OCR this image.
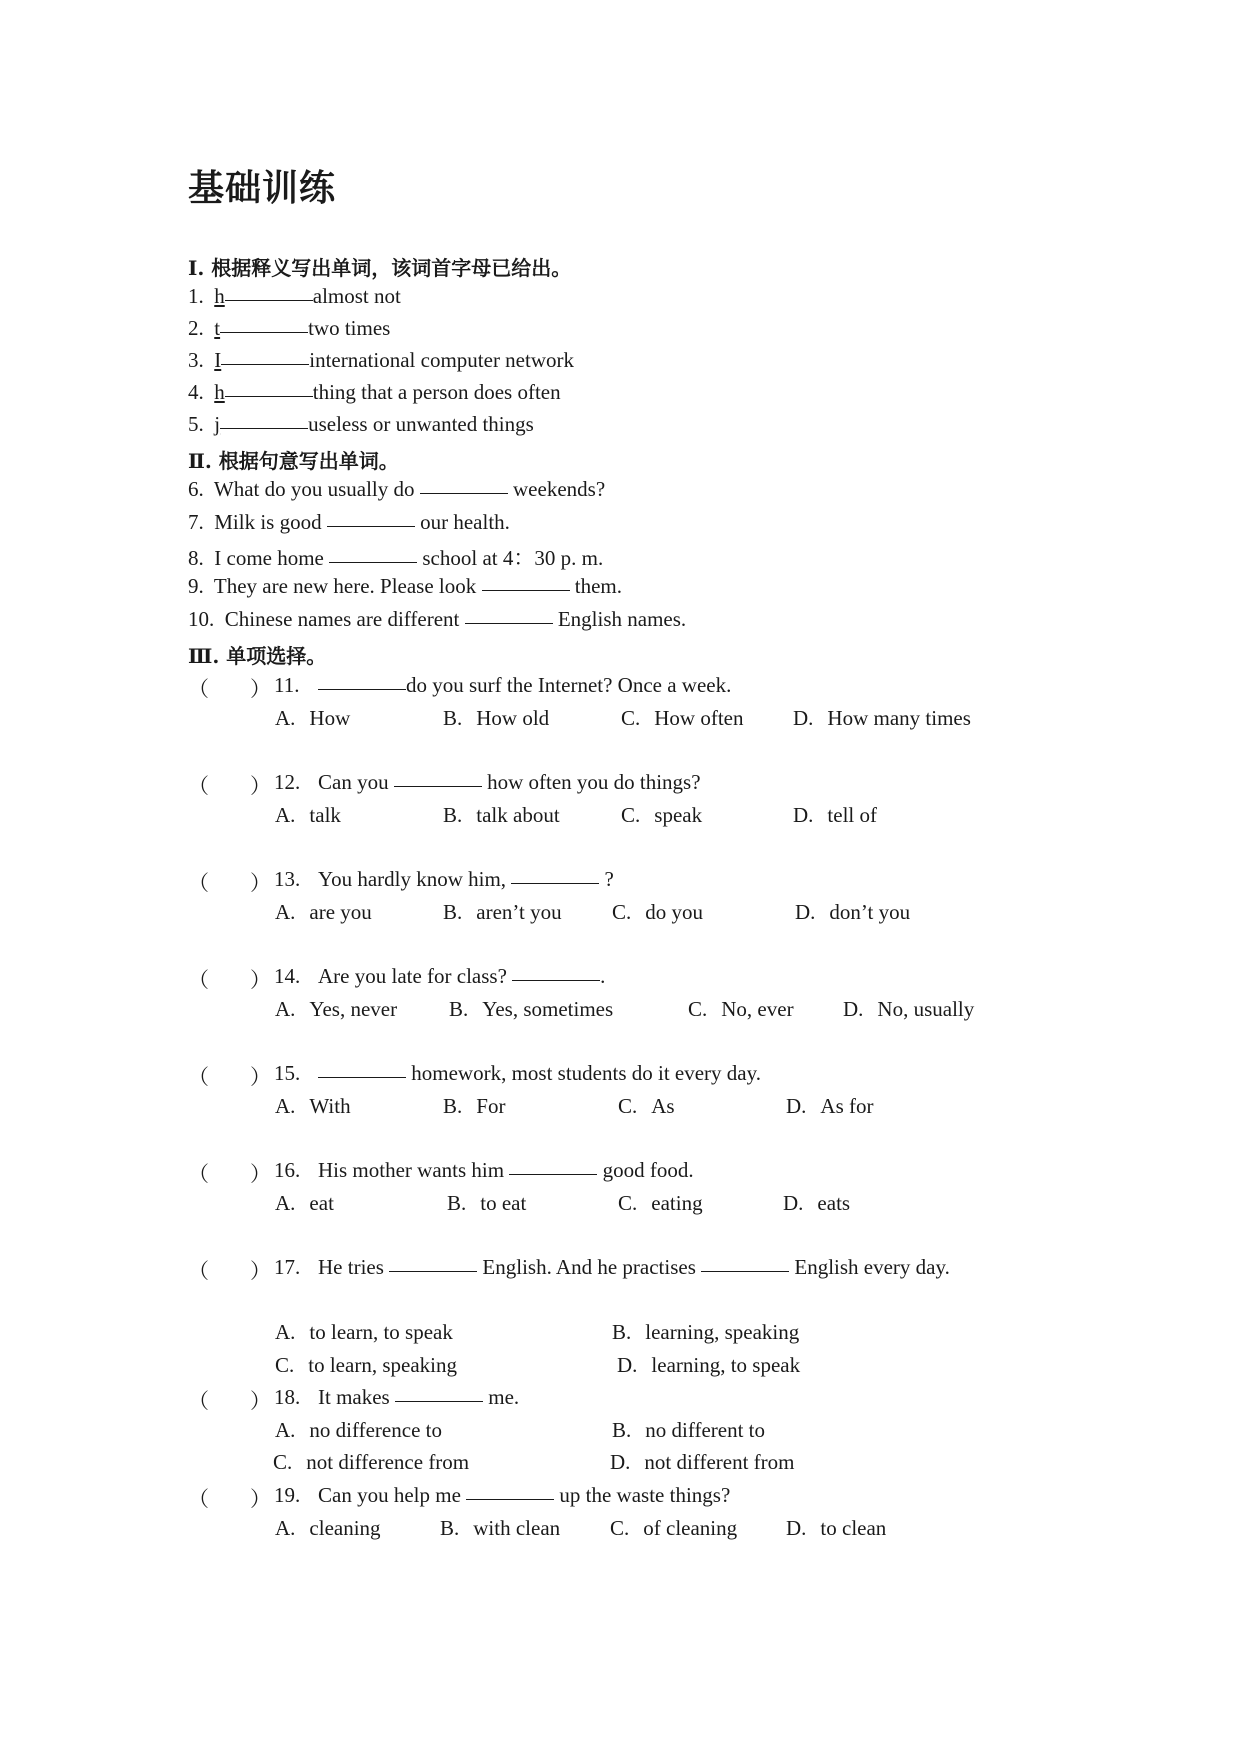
基础训练
Ⅰ. 根据释义写出单词，该词首字母已给出。
1. h	almost not
2. t	two times
3. I	international computer network
4. h	thing that a person does often
5. j	useless or unwanted things
Ⅱ. 根据句意写出单词。
6. What do you usually do	weekends?
7. Milk is good	our health.
8. I come home	school at 4：30 p. m.
9. They are new here. Please look	them.
10. Chinese names are different	English names.
Ⅲ. 单项选择。
（ ） 11.	do you surf the Internet? Once a week.
A. How	B. How old	C. How often D. How many times
（ ） 12. Can you	how often you do things?
A. talk	B. talk about	C. speak	D. tell of
（ ） 13. You hardly know him,	?
A. are you	B. aren’t you C. do you	D. don’t you
（ ） 14. Are you late for class?	.
A. Yes, never B. Yes, sometimes	C. No, ever D. No, usually
（ ） 15.	homework, most students do it every day.
A. With	B. For	C. As	D. As for
（ ） 16. His mother wants him	good food.
A. eat	B. to eat	C. eating	D. eats
（ ） 17. He tries	English. And he practises	English every day.
A. to learn, to speak	B. learning, speaking
C. to learn, speaking	D. learning, to speak
（ ） 18. It makes	me.
A. no difference to	B. no different to
C. not difference from	D. not different from
（ ） 19. Can you help me	up the waste things?
A. cleaning	B. with clean C. of cleaning D. to clean
